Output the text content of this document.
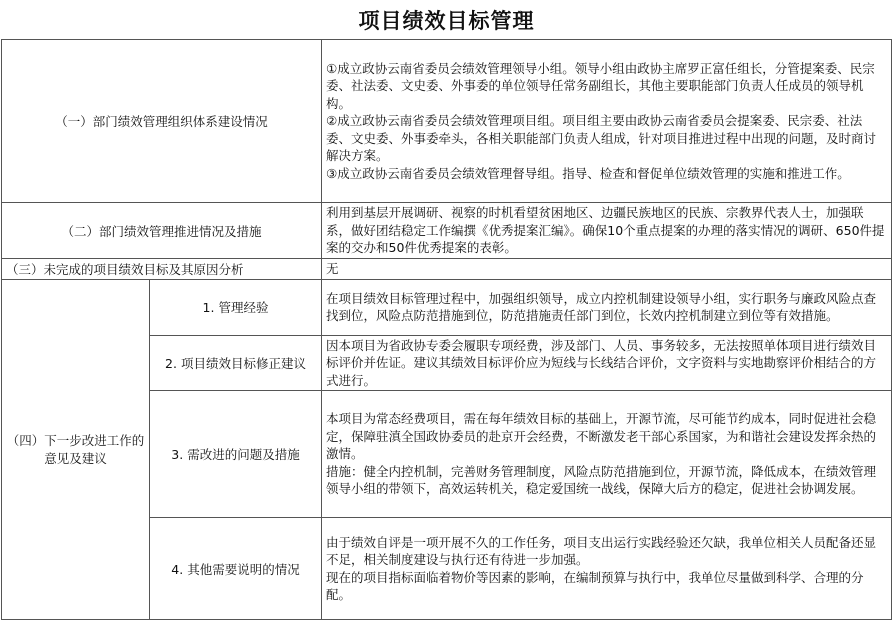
项目绩效目标管理
（一）部门绩效管理组织体系建设情况		①成立政协云南省委员会绩效管理领导小组。领导小组由政协主席罗正富任组长，分管提案委、民宗委、社法委、文史委、外事委的单位领导任常务副组长，其他主要职能部门负责人任成员的领导机构。

②成立政协云南省委员会绩效管理项目组。项目组主要由政协云南省委员会提案委、民宗委、社法委、文史委、外事委牵头，各相关职能部门负责人组成，针对项目推进过程中出现的问题，及时商讨解决方案。

③成立政协云南省委员会绩效管理督导组。指导、检查和督促单位绩效管理的实施和推进工作。

（二）部门绩效管理推进情况及措施		利用到基层开展调研、视察的时机看望贫困地区、边疆民族地区的民族、宗教界代表人士，加强联系，做好团结稳定工作编撰《优秀提案汇编》。确保10个重点提案的办理的落实情况的调研、650件提案的交办和50件优秀提案的表彰。

（三）未完成的项目绩效目标及其原因分析		无

（四）下一步改进工作的意见及建议	1. 管理经验	在项目绩效目标管理过程中，加强组织领导，成立内控机制建设领导小组，实行职务与廉政风险点查找到位，风险点防范措施到位，防范措施责任部门到位，长效内控机制建立到位等有效措施。

	2. 项目绩效目标修正建议	因本项目为省政协专委会履职专项经费，涉及部门、人员、事务较多，无法按照单体项目进行绩效目标评价并佐证。建议其绩效目标评价应为短线与长线结合评价，文字资料与实地勘察评价相结合的方式进行。

	3. 需改进的问题及措施	本项目为常态经费项目，需在每年绩效目标的基础上，开源节流，尽可能节约成本，同时促进社会稳定，保障驻滇全国政协委员的赴京开会经费，不断激发老干部心系国家，为和谐社会建设发挥余热的激情。

措施：健全内控机制，完善财务管理制度，风险点防范措施到位，开源节流，降低成本，在绩效管理领导小组的带领下，高效运转机关，稳定爱国统一战线，保障大后方的稳定，促进社会协调发展。

	4. 其他需要说明的情况	由于绩效自评是一项开展不久的工作任务，项目支出运行实践经验还欠缺，我单位相关人员配备还显不足，相关制度建设与执行还有待进一步加强。

现在的项目指标面临着物价等因素的影响，在编制预算与执行中，我单位尽量做到科学、合理的分配。
